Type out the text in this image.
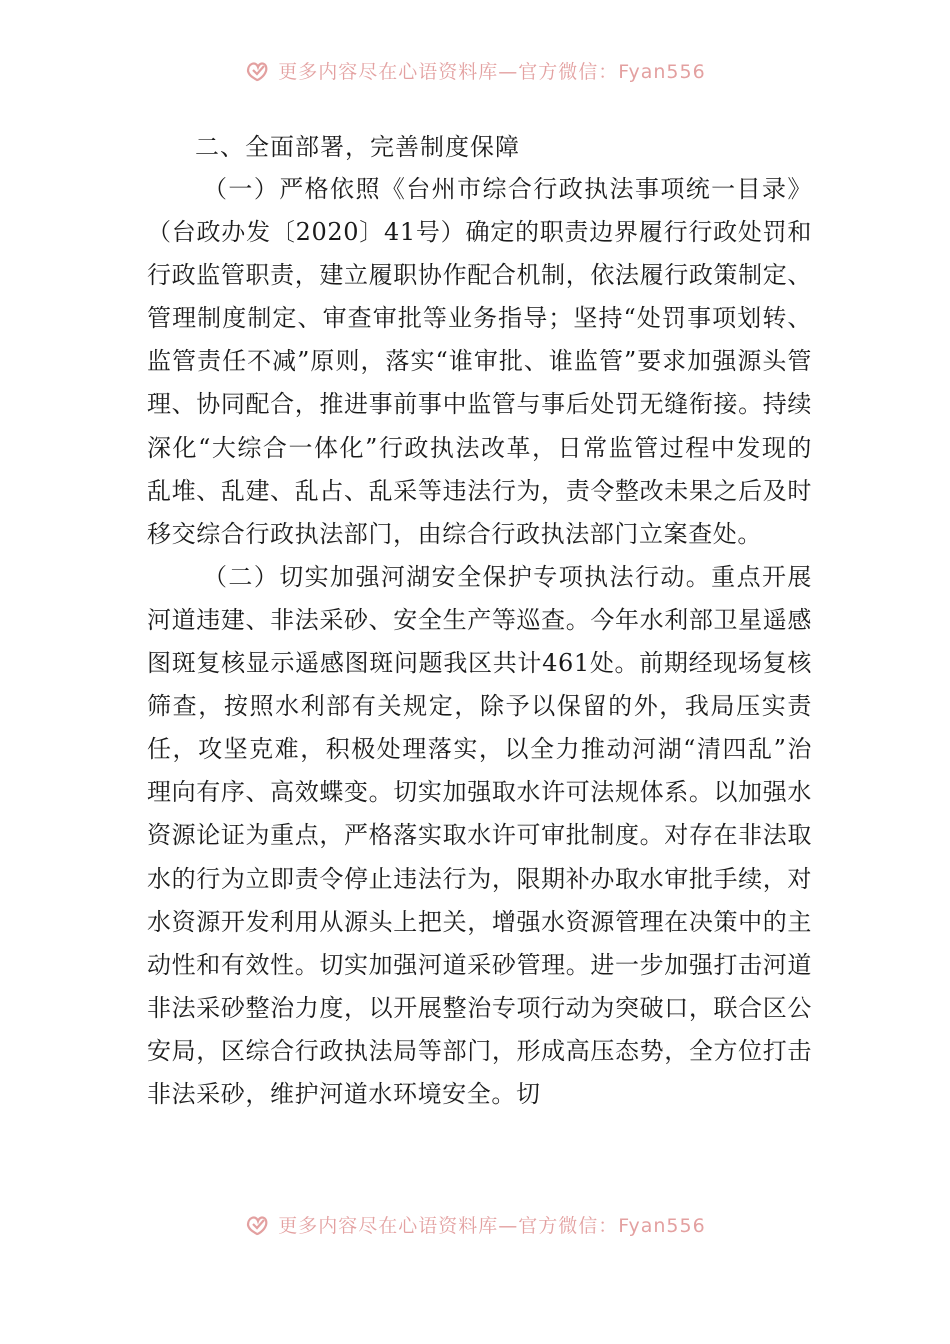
更多内容尽在心语资料库—官方微信：Fyan556

二、全面部署，完善制度保障

（一）严格依照《台州市综合行政执法事项统一目录》（台政办发〔2020〕41号）确定的职责边界履行行政处罚和行政监管职责，建立履职协作配合机制，依法履行政策制定、管理制度制定、审查审批等业务指导；坚持“处罚事项划转、监管责任不减”原则，落实“谁审批、谁监管”要求加强源头管理、协同配合，推进事前事中监管与事后处罚无缝衔接。持续深化“大综合一体化”行政执法改革，日常监管过程中发现的乱堆、乱建、乱占、乱采等违法行为，责令整改未果之后及时移交综合行政执法部门，由综合行政执法部门立案查处。

（二）切实加强河湖安全保护专项执法行动。重点开展河道违建、非法采砂、安全生产等巡查。今年水利部卫星遥感图斑复核显示遥感图斑问题我区共计461处。前期经现场复核筛查，按照水利部有关规定，除予以保留的外，我局压实责任，攻坚克难，积极处理落实，以全力推动河湖“清四乱”治理向有序、高效蝶变。切实加强取水许可法规体系。以加强水资源论证为重点，严格落实取水许可审批制度。对存在非法取水的行为立即责令停止违法行为，限期补办取水审批手续，对水资源开发利用从源头上把关，增强水资源管理在决策中的主动性和有效性。切实加强河道采砂管理。进一步加强打击河道非法采砂整治力度，以开展整治专项行动为突破口，联合区公安局，区综合行政执法局等部门，形成高压态势，全方位打击非法采砂，维护河道水环境安全。切

更多内容尽在心语资料库—官方微信：Fyan556
